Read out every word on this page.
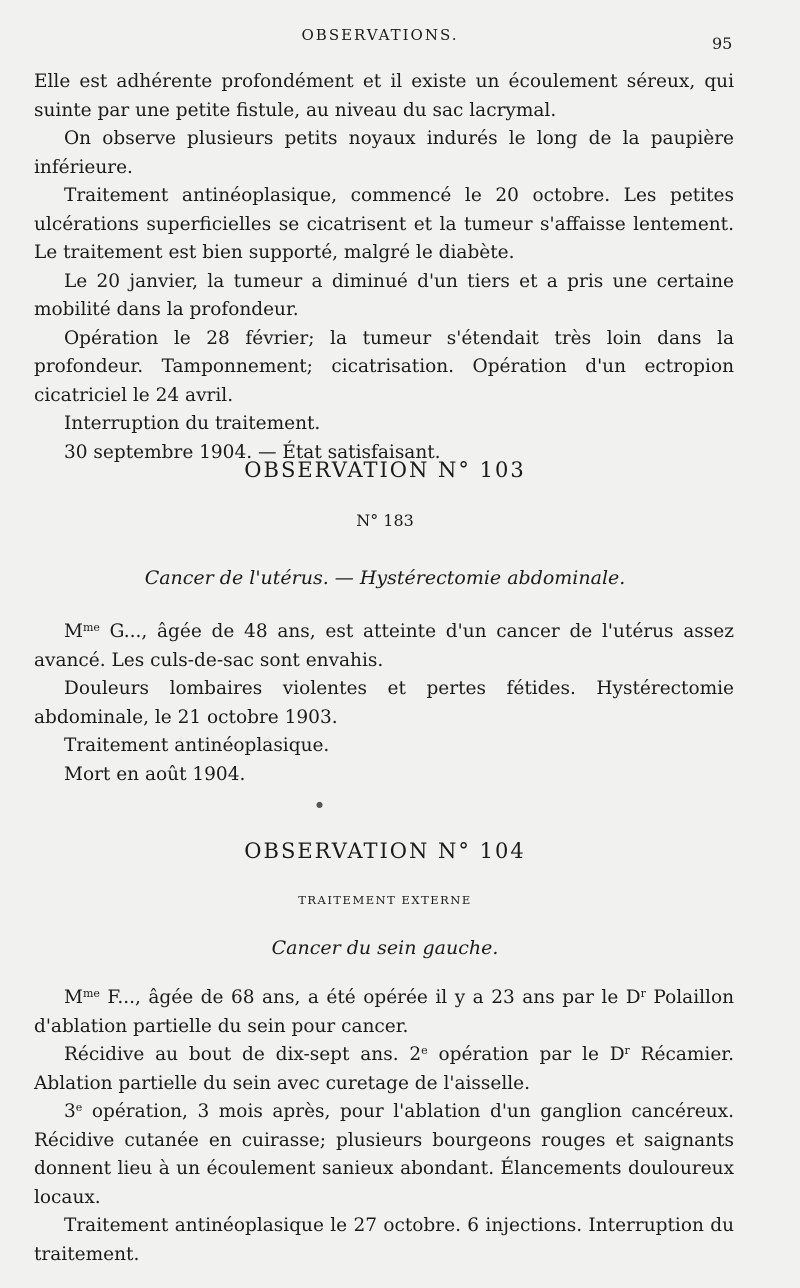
OBSERVATIONS.	95

Elle est adhérente profondément et il existe un écoulement séreux, qui suinte par une petite fistule, au niveau du sac lacrymal.

On observe plusieurs petits noyaux indurés le long de la paupière inférieure.

Traitement antinéoplasique, commencé le 20 octobre. Les petites ulcérations superficielles se cicatrisent et la tumeur s'affaisse lentement. Le traitement est bien supporté, malgré le diabète.

Le 20 janvier, la tumeur a diminué d'un tiers et a pris une certaine mobilité dans la profondeur.

Opération le 28 février; la tumeur s'étendait très loin dans la profondeur. Tamponnement; cicatrisation. Opération d'un ectropion cicatriciel le 24 avril.

Interruption du traitement.

30 septembre 1904. — État satisfaisant.

OBSERVATION N° 103
N° 183
Cancer de l'utérus. — Hystérectomie abdominale.

$M^{me}$ G..., âgée de 48 ans, est atteinte d'un cancer de l'utérus assez avancé. Les culs-de-sac sont envahis.

Douleurs lombaires violentes et pertes fétides. Hystérectomie abdominale, le 21 octobre 1903.

Traitement antinéoplasique.

Mort en août 1904.

●
OBSERVATION N° 104
TRAITEMENT EXTERNE
Cancer du sein gauche.

$M^{me}$ F..., âgée de 68 ans, a été opérée il y a 23 ans par le $D^r$ Polaillon d'ablation partielle du sein pour cancer.

Récidive au bout de dix-sept ans. 2e opération par le $D^r$ Récamier. Ablation partielle du sein avec curetage de l'aisselle.

3e opération, 3 mois après, pour l'ablation d'un ganglion cancéreux. Récidive cutanée en cuirasse; plusieurs bourgeons rouges et saignants donnent lieu à un écoulement sanieux abondant. Élancements douloureux locaux.

Traitement antinéoplasique le 27 octobre. 6 injections. Interruption du traitement.
